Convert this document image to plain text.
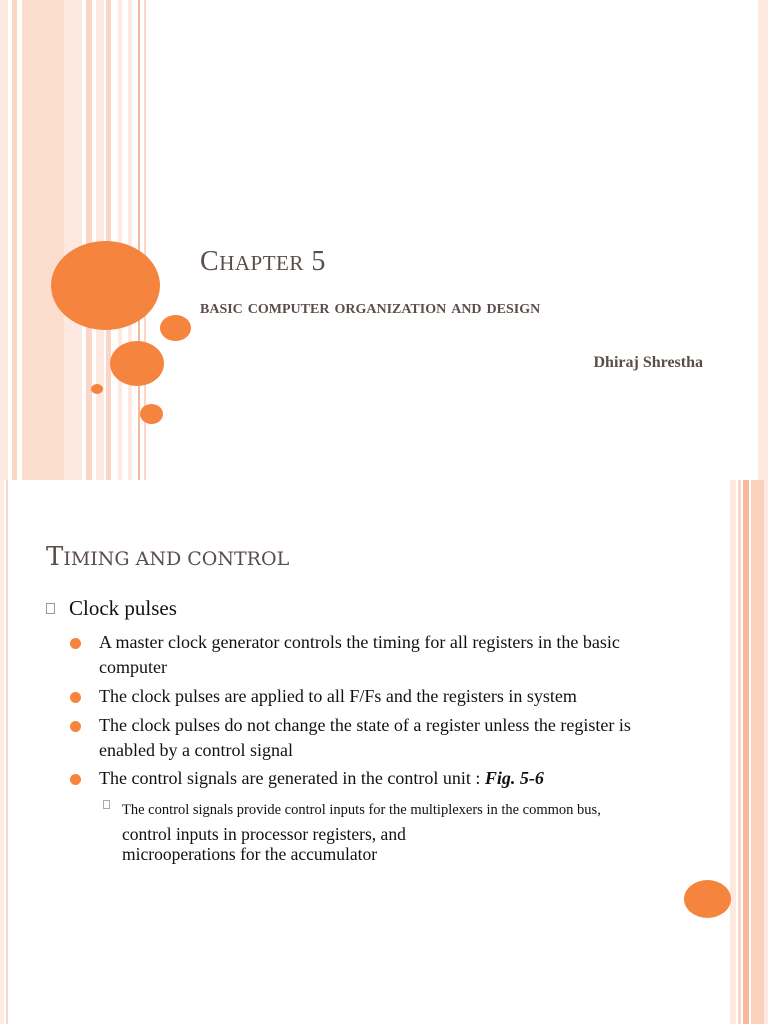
CHAPTER 5
basic computer organization and design
Dhiraj Shrestha
TIMING AND CONTROL
Clock pulses
A master clock generator controls the timing for all registers in the basic computer
The clock pulses are applied to all F/Fs and the registers in system
The clock pulses do not change the state of a register unless the register is enabled by a control signal
The control signals are generated in the control unit : Fig. 5-6
The control signals provide control inputs for the multiplexers in the common bus, control inputs in processor registers, and
microoperations for the accumulator
